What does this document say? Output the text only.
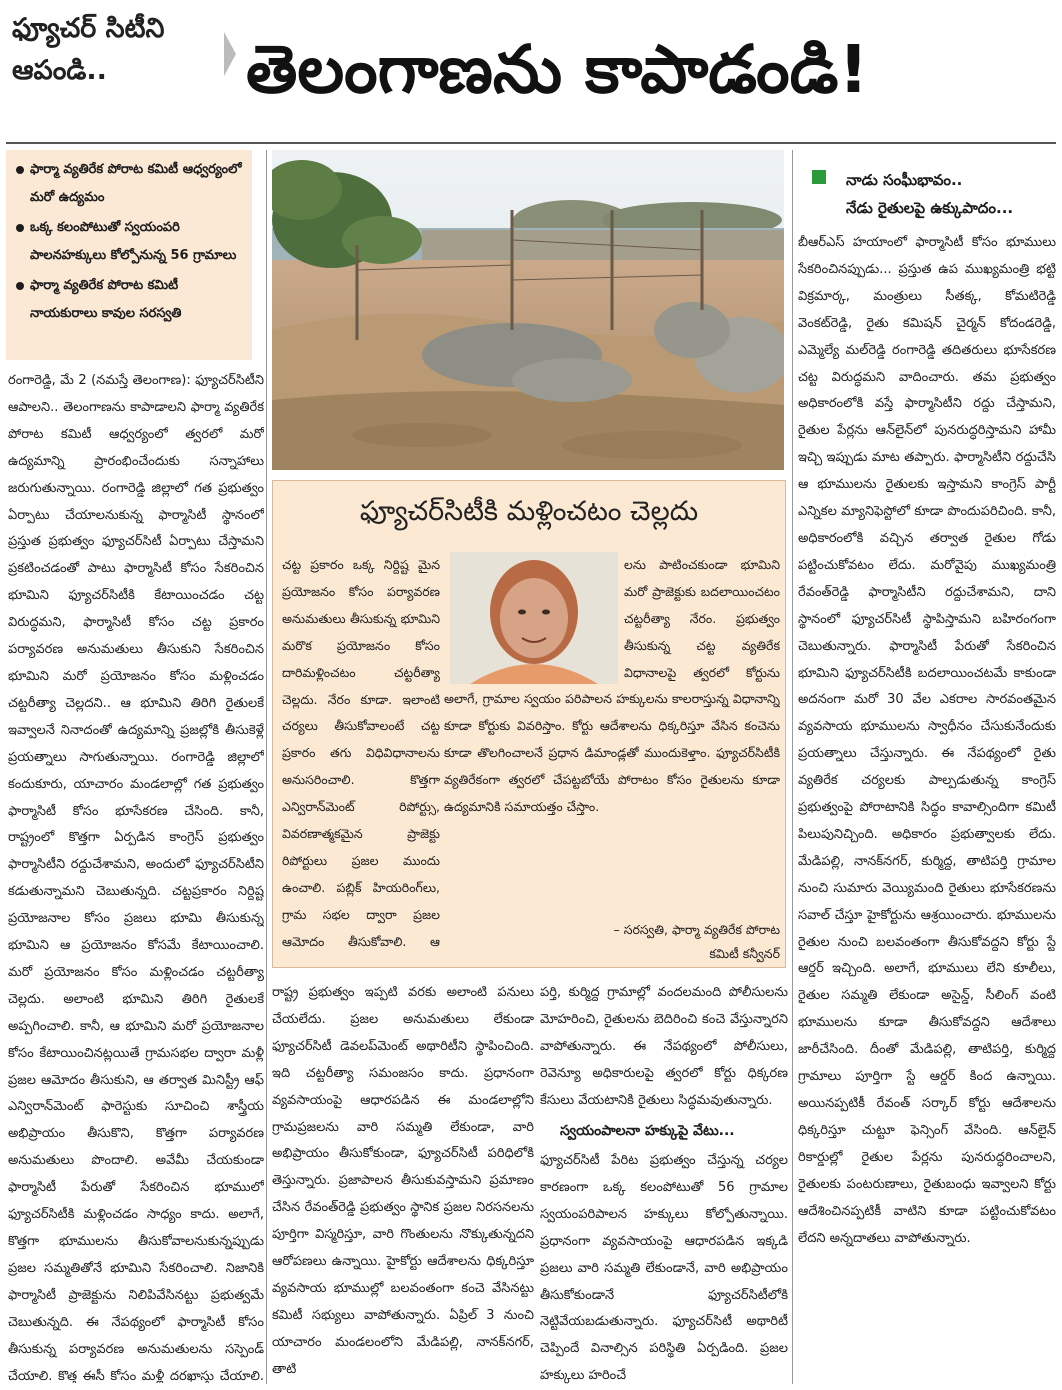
ఫ్యూచర్ సిటీని
ఆపండి..	తెలంగాణను కాపాడండి!
ఫార్మా వ్యతిరేక పోరాట కమిటీ ఆధ్వర్యంలో మరో ఉద్యమం
ఒక్క కలంపోటుతో స్వయంపరి పాలనహక్కులు కోల్పోనున్న 56 గ్రామాలు
ఫార్మా వ్యతిరేక పోరాట కమిటీ నాయకురాలు కావుల సరస్వతి
రంగారెడ్డి, మే 2 (నమస్తే తెలంగాణ): ఫ్యూచర్‌సిటీని ఆపాలని.. తెలంగాణను కాపాడాలని ఫార్మా వ్యతిరేక పోరాట కమిటీ ఆధ్వర్యంలో త్వరలో మరో ఉద్యమాన్ని ప్రారంభించేందుకు సన్నాహాలు జరుగుతున్నాయి. రంగారెడ్డి జిల్లాలో గత ప్రభుత్వం ఏర్పాటు చేయాలనుకున్న ఫార్మాసిటీ స్థానంలో ప్రస్తుత ప్రభుత్వం ఫ్యూచర్‌సిటీ ఏర్పాటు చేస్తామని ప్రకటించడంతో పాటు ఫార్మాసిటీ కోసం సేకరించిన భూమిని ఫ్యూచర్‌సిటీకి కేటాయించడం చట్ట విరుద్ధమని, ఫార్మాసిటీ కోసం చట్ట ప్రకారం పర్యావరణ అనుమతులు తీసుకుని సేకరించిన భూమిని మరో ప్రయోజనం కోసం మళ్లించడం చట్టరీత్యా చెల్లదని.. ఆ భూమిని తిరిగి రైతులకే ఇవ్వాలనే నినాదంతో ఉద్యమాన్ని ప్రజల్లోకి తీసుకెళ్లే ప్రయత్నాలు సాగుతున్నాయి. రంగారెడ్డి జిల్లాలో కందుకూరు, యాచారం మండలాల్లో గత ప్రభుత్వం ఫార్మాసిటీ కోసం భూసేకరణ చేసింది. కానీ, రాష్ట్రంలో కొత్తగా ఏర్పడిన కాంగ్రెస్ ప్రభుత్వం ఫార్మాసిటీని రద్దుచేశామని, అందులో ఫ్యూచర్‌సిటీని కడుతున్నామని చెబుతున్నది. చట్టప్రకారం నిర్దిష్ట ప్రయోజనాల కోసం ప్రజలు భూమి తీసుకున్న భూమిని ఆ ప్రయోజనం కోసమే కేటాయించాలి. మరో ప్రయోజనం కోసం మళ్లించడం చట్టరీత్యా చెల్లదు. అలాంటి భూమిని తిరిగి రైతులకే అప్పగించాలి. కానీ, ఆ భూమిని మరో ప్రయోజనాల కోసం కేటాయించినట్లయితే గ్రామసభల ద్వారా మళ్లీ ప్రజల ఆమోదం తీసుకుని, ఆ తర్వాత మినిస్ట్రీ ఆఫ్ ఎన్విరాన్‌మెంట్ ఫారెస్టుకు సూచించి శాస్త్రీయ అభిప్రాయం తీసుకొని, కొత్తగా పర్యావరణ అనుమతులు పొందాలి. అవేమీ చేయకుండా ఫార్మాసిటీ పేరుతో సేకరించిన భూములో ఫ్యూచర్‌సిటీకి మళ్లించడం సాధ్యం కాదు. అలాగే, కొత్తగా భూములను తీసుకోవాలనుకున్నప్పుడు ప్రజల సమ్మతితోనే భూమిని సేకరించాలి. నిజానికి ఫార్మాసిటీ ప్రాజెక్టును నిలిపివేసినట్టు ప్రభుత్వమే చెబుతున్నది. ఈ నేపథ్యంలో ఫార్మాసిటీ కోసం తీసుకున్న పర్యావరణ అనుమతులను సస్పెండ్ చేయాలి. కొత్త ఈసీ కోసం మళ్లీ దరఖాస్తు చేయాలి.
ఫ్యూచర్‌సిటీకి మళ్లించటం చెల్లదు
చట్ట ప్రకారం ఒక్క నిర్దిష్ట మైన ప్రయోజనం కోసం పర్యావరణ అనుమతులు తీసుకున్న భూమిని మరొక ప్రయోజనం కోసం దారిమళ్లించటం చట్టరీత్యా చెల్లదు. నేరం కూడా. ఇలాంటి చర్యలు తీసుకోవాలంటే చట్ట ప్రకారం తగు విధివిధానాలను అనుసరించాలి. కొత్తగా ఎన్విరాన్‌మెంట్ రిపోర్ట్సు, వివరణాత్మకమైన ప్రాజెక్టు రిపోర్టులు ప్రజల ముందు ఉంచాలి. పబ్లిక్ హియరింగ్‌లు, గ్రామ సభల ద్వారా ప్రజల ఆమోదం తీసుకోవాలి. ఆ
లను పాటించకుండా భూమిని మరో ప్రాజెక్టుకు బదలాయించటం చట్టరీత్యా నేరం. ప్రభుత్వం తీసుకున్న చట్ట వ్యతిరేక విధానాలపై త్వరలో కోర్టును
అలాగే, గ్రామాల స్వయం పరిపాలన హక్కులను కాలరాస్తున్న విధానాన్ని కూడా కోర్టుకు వివరిస్తాం. కోర్టు ఆదేశాలను ధిక్కరిస్తూ వేసిన కంచెను కూడా తొలగించాలనే ప్రధాన డిమాండ్లతో ముందుకెళ్తాం. ఫ్యూచర్‌సిటీకి వ్యతిరేకంగా త్వరలో చేపట్టబోయే పోరాటం కోసం రైతులను కూడా ఉద్యమానికి సమాయత్తం చేస్తాం.
– సరస్వతి, ఫార్మా వ్యతిరేక పోరాట
కమిటీ కన్వీనర్
రాష్ట్ర ప్రభుత్వం ఇప్పటి వరకు అలాంటి పనులు చేయలేదు. ప్రజల అనుమతులు లేకుండా ఫ్యూచర్‌సిటీ డెవలప్‌మెంట్ అథారిటీని స్థాపించింది. ఇది చట్టరీత్యా సమంజసం కాదు. ప్రధానంగా వ్యవసాయంపై ఆధారపడిన ఈ మండలాల్లోని గ్రామప్రజలను వారి సమ్మతి లేకుండా, వారి అభిప్రాయం తీసుకోకుండా, ఫ్యూచర్‌సిటీ పరిధిలోకి తెస్తున్నారు. ప్రజాపాలన తీసుకువస్తామని ప్రమాణం చేసిన రేవంత్‌రెడ్డి ప్రభుత్వం స్థానిక ప్రజల నిరసనలను పూర్తిగా విస్మరిస్తూ, వారి గొంతులను నొక్కుతున్నదని ఆరోపణలు ఉన్నాయి. హైకోర్టు ఆదేశాలను ధిక్కరిస్తూ వ్యవసాయ భూముల్లో బలవంతంగా కంచె వేసినట్టు కమిటీ సభ్యులు వాపోతున్నారు. ఏప్రిల్ 3 నుంచి యాచారం మండలంలోని మేడిపల్లి, నానక్‌నగర్, తాటి
పర్తి, కుర్మిద్ద గ్రామాల్లో వందలమంది పోలీసులను మోహరించి, రైతులను బెదిరించి కంచె వేస్తున్నారని వాపోతున్నారు. ఈ నేపథ్యంలో పోలీసులు, రెవెన్యూ అధికారులపై త్వరలో కోర్టు ధిక్కరణ కేసులు వేయటానికి రైతులు సిద్ధమవుతున్నారు.
స్వయంపాలనా హక్కుపై వేటు...
ఫ్యూచర్‌సిటీ పేరిట ప్రభుత్వం చేస్తున్న చర్యల కారణంగా ఒక్క కలంపోటుతో 56 గ్రామాల స్వయంపరిపాలన హక్కులు కోల్పోతున్నాయి. ప్రధానంగా వ్యవసాయంపై ఆధారపడిన ఇక్కడి ప్రజలు వారి సమ్మతి లేకుండానే, వారి అభిప్రాయం తీసుకోకుండానే ఫ్యూచర్‌సిటీలోకి నెట్టివేయబడుతున్నారు. ఫ్యూచర్‌సిటీ అథారిటీ చెప్పిందే వినాల్సిన పరిస్థితి ఏర్పడింది. ప్రజల హక్కులు హరించే
నాడు సంఘీభావం..
నేడు రైతులపై ఉక్కుపాదం...
బీఆర్ఎస్ హయాంలో ఫార్మాసిటీ కోసం భూములు సేకరించినప్పుడు... ప్రస్తుత ఉప ముఖ్యమంత్రి భట్టి విక్రమార్క, మంత్రులు సీతక్క, కోమటిరెడ్డి వెంకట్‌రెడ్డి, రైతు కమిషన్ చైర్మన్ కోదండరెడ్డి, ఎమ్మెల్యే మల్‌రెడ్డి రంగారెడ్డి తదితరులు భూసేకరణ చట్ట విరుద్ధమని వాదించారు. తమ ప్రభుత్వం అధికారంలోకి వస్తే ఫార్మాసిటీని రద్దు చేస్తామని, రైతుల పేర్లను ఆన్‌లైన్‌లో పునరుద్ధరిస్తామని హామీ ఇచ్చి ఇప్పుడు మాట తప్పారు. ఫార్మాసిటీని రద్దుచేసి ఆ భూములను రైతులకు ఇస్తామని కాంగ్రెస్ పార్టీ ఎన్నికల మ్యానిఫెస్టోలో కూడా పొందుపరిచింది. కానీ, అధికారంలోకి వచ్చిన తర్వాత రైతుల గోడు పట్టించుకోవటం లేదు. మరోవైపు ముఖ్యమంత్రి రేవంత్‌రెడ్డి ఫార్మాసిటీని రద్దుచేశామని, దాని స్థానంలో ఫ్యూచర్‌సిటీ స్థాపిస్తామని బహిరంగంగా చెబుతున్నారు. ఫార్మాసిటీ పేరుతో సేకరించిన భూమిని ఫ్యూచర్‌సిటీకి బదలాయించటమే కాకుండా అదనంగా మరో 30 వేల ఎకరాల సారవంతమైన వ్యవసాయ భూములను స్వాధీనం చేసుకునేందుకు ప్రయత్నాలు చేస్తున్నారు. ఈ నేపథ్యంలో రైతు వ్యతిరేక చర్యలకు పాల్పడుతున్న కాంగ్రెస్ ప్రభుత్వంపై పోరాటానికి సిద్ధం కావాల్సిందిగా కమిటీ పిలుపునిచ్చింది. అధికారం ప్రభుత్వాలకు లేదు. మేడిపల్లి, నానక్‌నగర్, కుర్మిద్ద, తాటిపర్తి గ్రామాల నుంచి సుమారు వెయ్యిమంది రైతులు భూసేకరణను సవాల్ చేస్తూ హైకోర్టును ఆశ్రయించారు. భూములను రైతుల నుంచి బలవంతంగా తీసుకోవద్దని కోర్టు స్టే ఆర్డర్ ఇచ్చింది. అలాగే, భూములు లేని కూలీలు, రైతుల సమ్మతి లేకుండా అసైన్డ్, సీలింగ్ వంటి భూములను కూడా తీసుకోవద్దని ఆదేశాలు జారీచేసింది. దీంతో మేడిపల్లి, తాటిపర్తి, కుర్మిద్ద గ్రామాలు పూర్తిగా స్టే ఆర్డర్ కింద ఉన్నాయి. అయినప్పటికీ రేవంత్ సర్కార్ కోర్టు ఆదేశాలను ధిక్కరిస్తూ చుట్టూ ఫెన్సింగ్ వేసింది. ఆన్‌లైన్ రికార్డుల్లో రైతుల పేర్లను పునరుద్ధరించాలని, రైతులకు పంటరుణాలు, రైతుబంధు ఇవ్వాలని కోర్టు ఆదేశించినప్పటికీ వాటిని కూడా పట్టించుకోవటం లేదని అన్నదాతలు వాపోతున్నారు.
